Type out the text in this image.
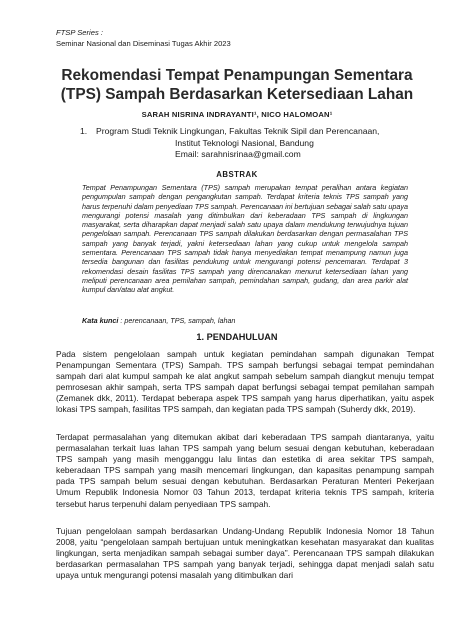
FTSP Series :
Seminar Nasional dan Diseminasi Tugas Akhir 2023
Rekomendasi Tempat Penampungan Sementara
(TPS) Sampah Berdasarkan Ketersediaan Lahan
SARAH NISRINA INDRAYANTI¹, NICO HALOMOAN¹
1. Program Studi Teknik Lingkungan, Fakultas Teknik Sipil dan Perencanaan,
Institut Teknologi Nasional, Bandung
Email: sarahnisrinaa@gmail.com
ABSTRAK
Tempat Penampungan Sementara (TPS) sampah merupakan tempat peralihan antara kegiatan pengumpulan sampah dengan pengangkutan sampah. Terdapat kriteria teknis TPS sampah yang harus terpenuhi dalam penyediaan TPS sampah. Perencanaan ini bertujuan sebagai salah satu upaya mengurangi potensi masalah yang ditimbulkan dari keberadaan TPS sampah di lingkungan masyarakat, serta diharapkan dapat menjadi salah satu upaya dalam mendukung terwujudnya tujuan pengelolaan sampah. Perencanaan TPS sampah dilakukan berdasarkan dengan permasalahan TPS sampah yang banyak terjadi, yakni ketersediaan lahan yang cukup untuk mengelola sampah sementara. Perencanaan TPS sampah tidak hanya menyediakan tempat menampung namun juga tersedia bangunan dan fasilitas pendukung untuk mengurangi potensi pencemaran. Terdapat 3 rekomendasi desain fasilitas TPS sampah yang direncanakan menurut ketersediaan lahan yang meliputi perencanaan area pemilahan sampah, pemindahan sampah, gudang, dan area parkir alat kumpul dan/atau alat angkut.
Kata kunci : perencanaan, TPS, sampah, lahan
1. PENDAHULUAN
Pada sistem pengelolaan sampah untuk kegiatan pemindahan sampah digunakan Tempat Penampungan Sementara (TPS) Sampah. TPS sampah berfungsi sebagai tempat pemindahan sampah dari alat kumpul sampah ke alat angkut sampah sebelum sampah diangkut menuju tempat pemrosesan akhir sampah, serta TPS sampah dapat berfungsi sebagai tempat pemilahan sampah (Zemanek dkk, 2011). Terdapat beberapa aspek TPS sampah yang harus diperhatikan, yaitu aspek lokasi TPS sampah, fasilitas TPS sampah, dan kegiatan pada TPS sampah (Suherdy dkk, 2019).
Terdapat permasalahan yang ditemukan akibat dari keberadaan TPS sampah diantaranya, yaitu permasalahan terkait luas lahan TPS sampah yang belum sesuai dengan kebutuhan, keberadaan TPS sampah yang masih mengganggu lalu lintas dan estetika di area sekitar TPS sampah, keberadaan TPS sampah yang masih mencemari lingkungan, dan kapasitas penampung sampah pada TPS sampah belum sesuai dengan kebutuhan. Berdasarkan Peraturan Menteri Pekerjaan Umum Republik Indonesia Nomor 03 Tahun 2013, terdapat kriteria teknis TPS sampah, kriteria tersebut harus terpenuhi dalam penyediaan TPS sampah.
Tujuan pengelolaan sampah berdasarkan Undang-Undang Republik Indonesia Nomor 18 Tahun 2008, yaitu “pengelolaan sampah bertujuan untuk meningkatkan kesehatan masyarakat dan kualitas lingkungan, serta menjadikan sampah sebagai sumber daya”. Perencanaan TPS sampah dilakukan berdasarkan permasalahan TPS sampah yang banyak terjadi, sehingga dapat menjadi salah satu upaya untuk mengurangi potensi masalah yang ditimbulkan dari
